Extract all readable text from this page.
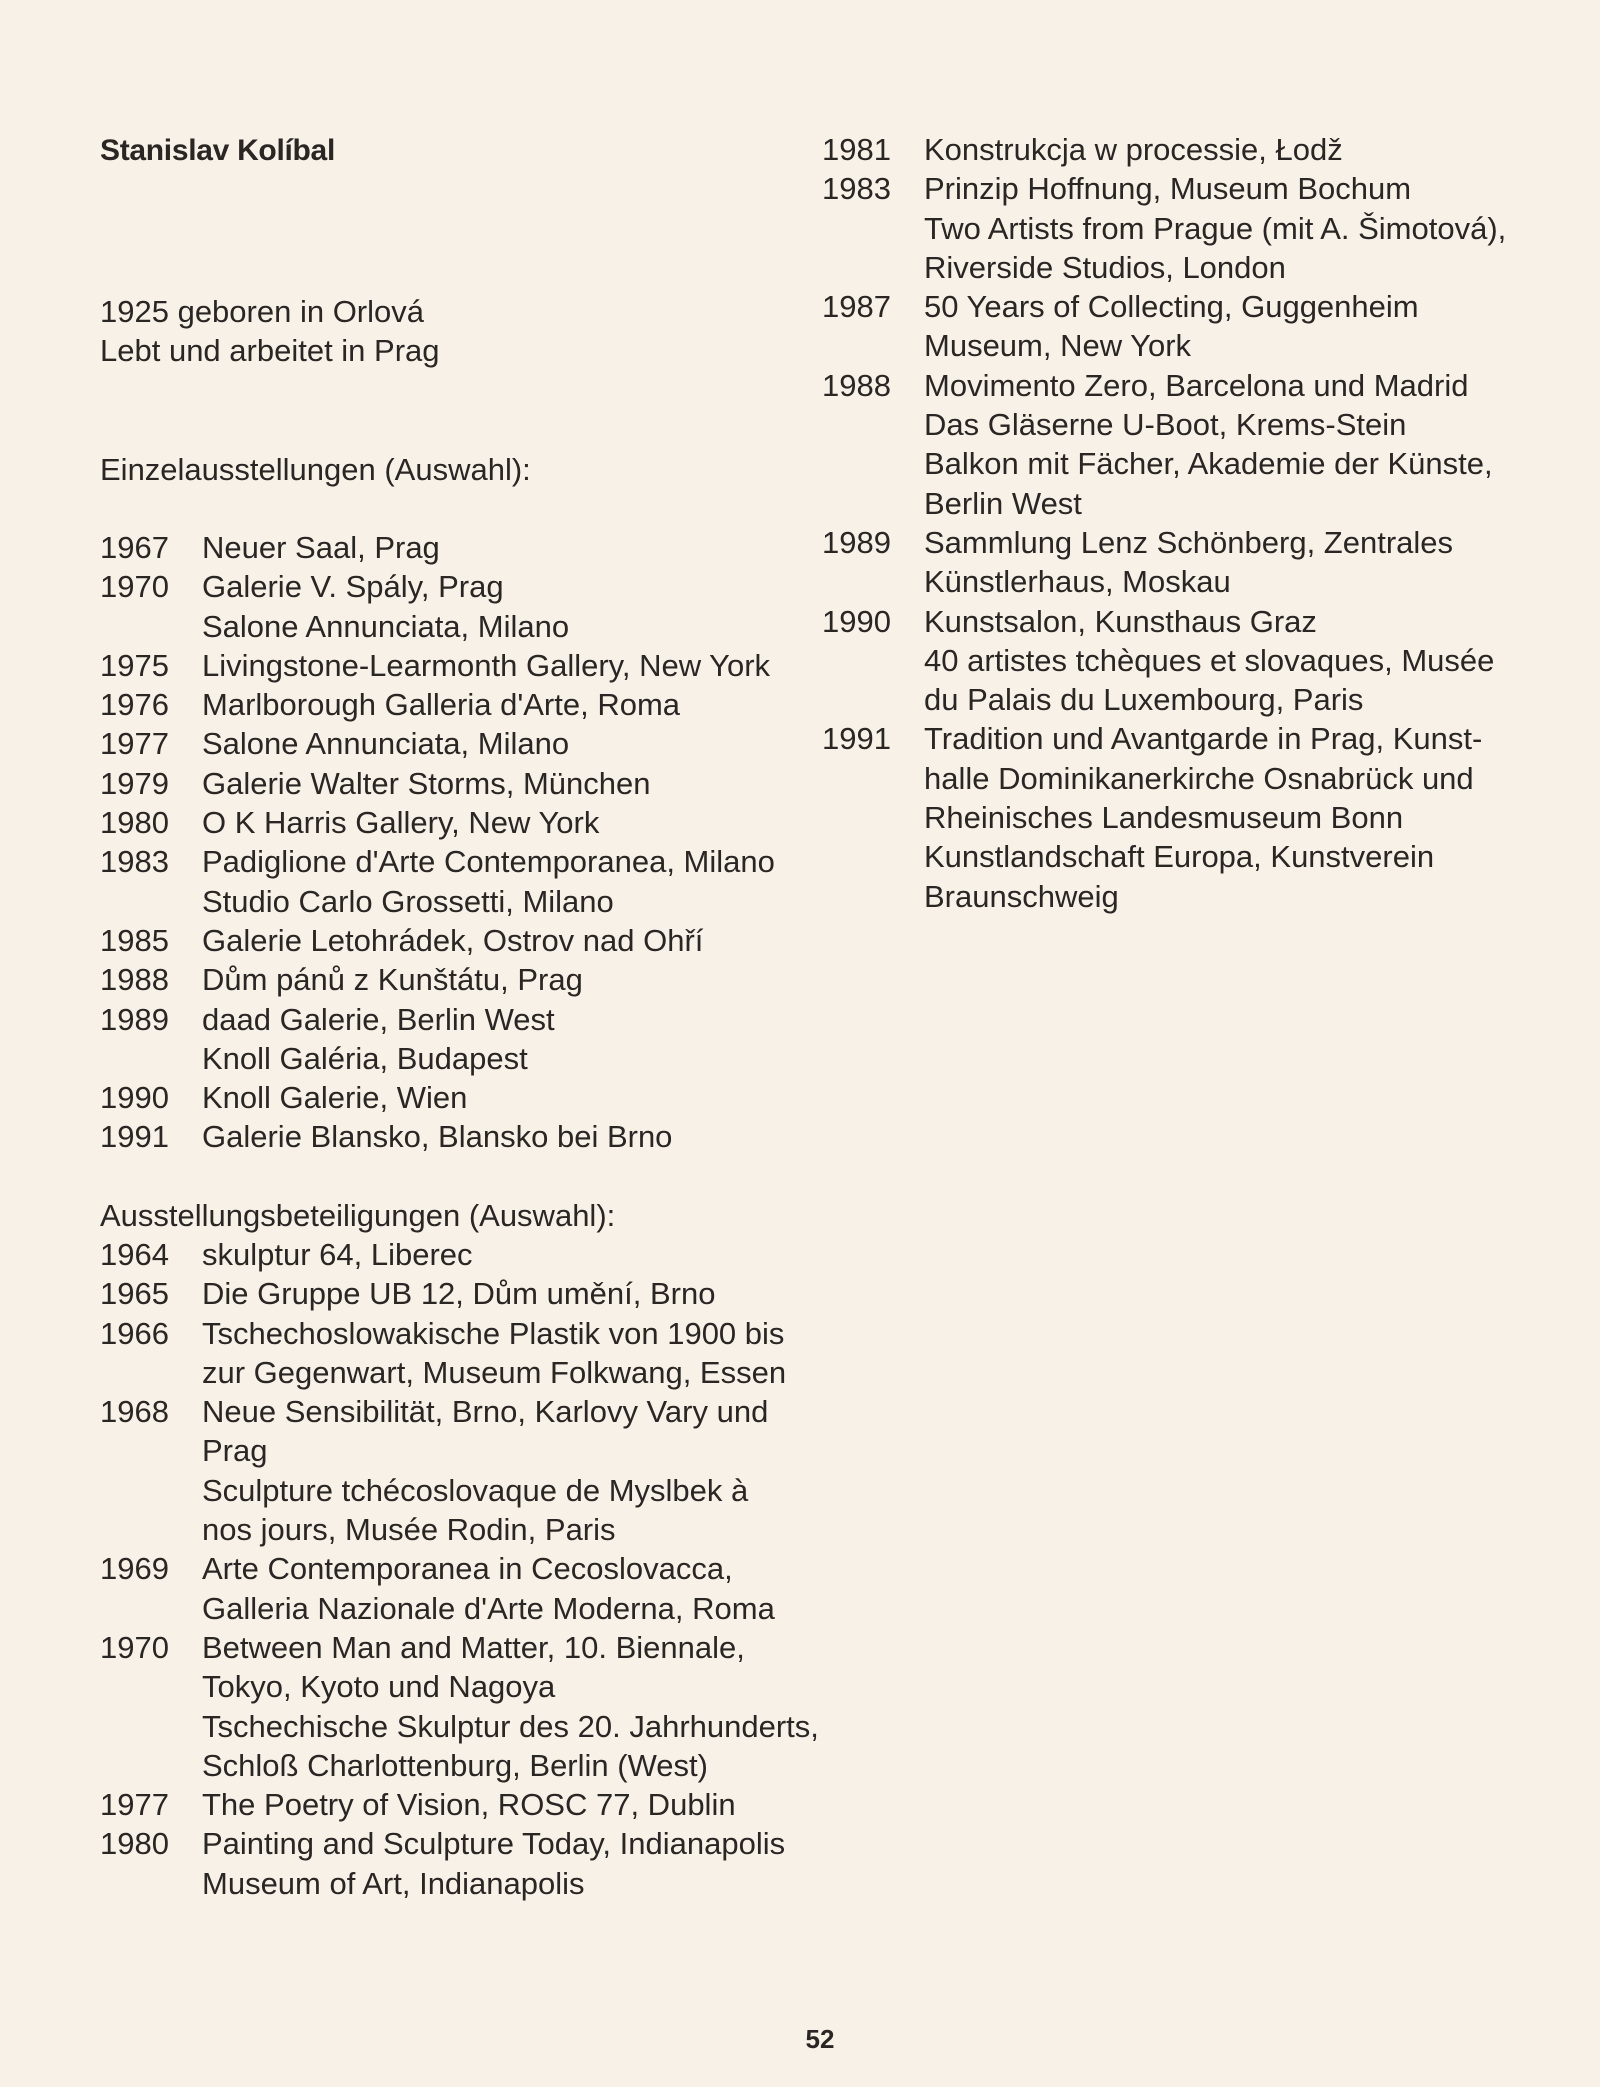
Stanislav Kolíbal
1925 geboren in Orlová
Lebt und arbeitet in Prag
Einzelausstellungen (Auswahl):
1967	Neuer Saal, Prag
1970	Galerie V. Spály, Prag
Salone Annunciata, Milano
1975	Livingstone-Learmonth Gallery, New York
1976	Marlborough Galleria d'Arte, Roma
1977	Salone Annunciata, Milano
1979	Galerie Walter Storms, München
1980	O K Harris Gallery, New York
1983	Padiglione d'Arte Contemporanea, Milano
Studio Carlo Grossetti, Milano
1985	Galerie Letohrádek, Ostrov nad Ohří
1988	Dům pánů z Kunštátu, Prag
1989	daad Galerie, Berlin West
Knoll Galéria, Budapest
1990	Knoll Galerie, Wien
1991	Galerie Blansko, Blansko bei Brno
Ausstellungsbeteiligungen (Auswahl):
1964	skulptur 64, Liberec
1965	Die Gruppe UB 12, Dům umění, Brno
1966	Tschechoslowakische Plastik von 1900 bis
zur Gegenwart, Museum Folkwang, Essen
1968	Neue Sensibilität, Brno, Karlovy Vary und
Prag
Sculpture tchécoslovaque de Myslbek à
nos jours, Musée Rodin, Paris
1969	Arte Contemporanea in Cecoslovacca,
Galleria Nazionale d'Arte Moderna, Roma
1970	Between Man and Matter, 10. Biennale,
Tokyo, Kyoto und Nagoya
Tschechische Skulptur des 20. Jahrhunderts,
Schloß Charlottenburg, Berlin (West)
1977	The Poetry of Vision, ROSC 77, Dublin
1980	Painting and Sculpture Today, Indianapolis
Museum of Art, Indianapolis
1981	Konstrukcja w processie, Łodž
1983	Prinzip Hoffnung, Museum Bochum
Two Artists from Prague (mit A. Šimotová),
Riverside Studios, London
1987	50 Years of Collecting, Guggenheim
Museum, New York
1988	Movimento Zero, Barcelona und Madrid
Das Gläserne U-Boot, Krems-Stein
Balkon mit Fächer, Akademie der Künste,
Berlin West
1989	Sammlung Lenz Schönberg, Zentrales
Künstlerhaus, Moskau
1990	Kunstsalon, Kunsthaus Graz
40 artistes tchèques et slovaques, Musée
du Palais du Luxembourg, Paris
1991	Tradition und Avantgarde in Prag, Kunst-
halle Dominikanerkirche Osnabrück und
Rheinisches Landesmuseum Bonn
Kunstlandschaft Europa, Kunstverein
Braunschweig
52
